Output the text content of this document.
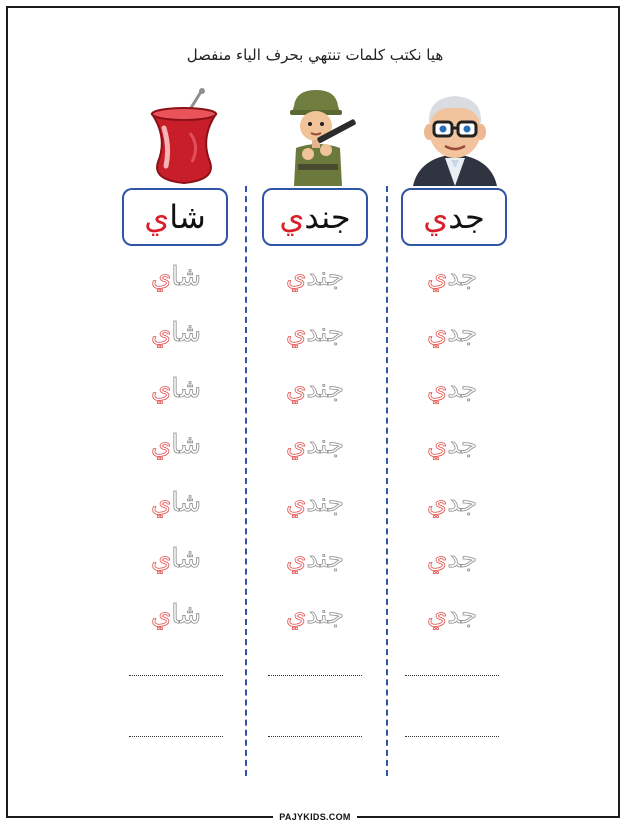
هيا نكتب كلمات تنتهي بحرف الياء منفصل
جد
ي
جند
ي
شا
ي
جدي
جدي
جدي
جدي
جدي
جدي
جدي
جندي
جندي
جندي
جندي
جندي
جندي
جندي
شاي
شاي
شاي
شاي
شاي
شاي
شاي
PAJYKIDS.COM
